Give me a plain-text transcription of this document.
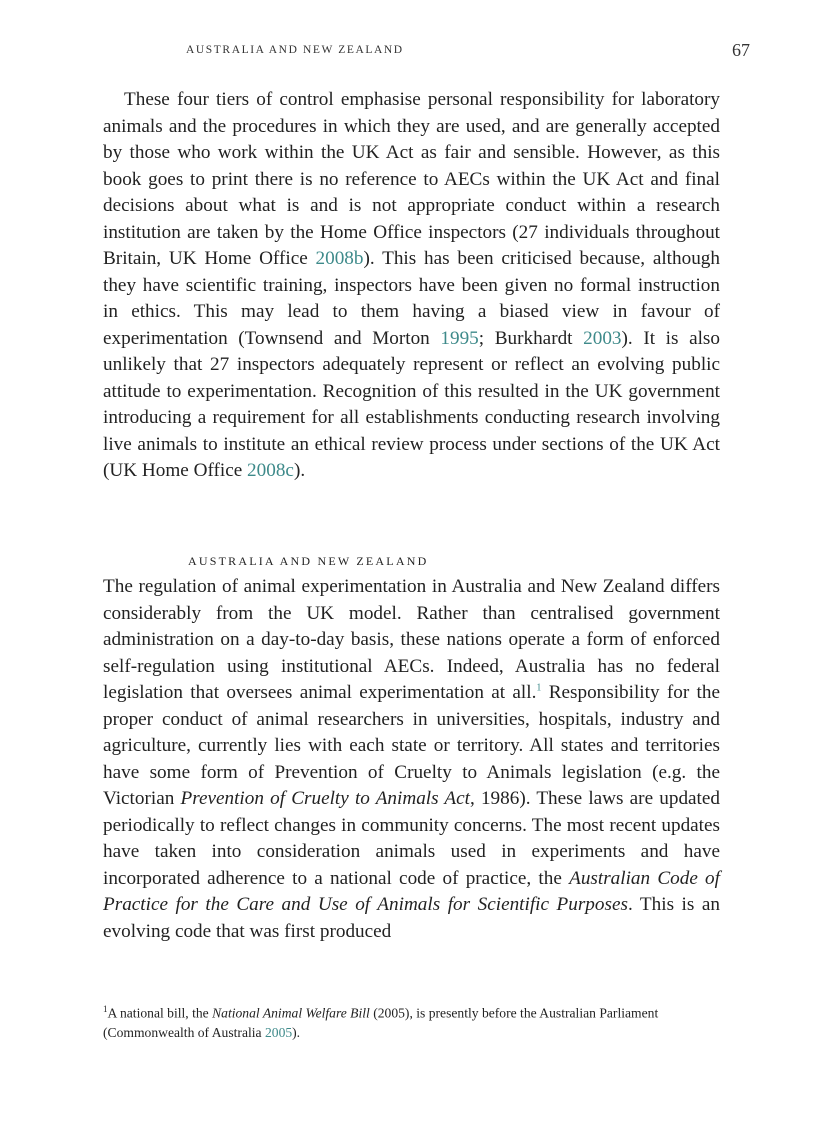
AUSTRALIA AND NEW ZEALAND	67

These four tiers of control emphasise personal responsibility for laboratory animals and the procedures in which they are used, and are generally accepted by those who work within the UK Act as fair and sensible. However, as this book goes to print there is no reference to AECs within the UK Act and final decisions about what is and is not appropriate conduct within a research institution are taken by the Home Office inspectors (27 individuals throughout Britain, UK Home Office 2008b). This has been criticised because, although they have scientific training, inspectors have been given no formal instruction in ethics. This may lead to them having a biased view in favour of experimentation (Townsend and Morton 1995; Burkhardt 2003). It is also unlikely that 27 inspectors adequately represent or reflect an evolving public attitude to experimentation. Recognition of this resulted in the UK government introducing a requirement for all establishments conducting research involving live animals to institute an ethical review process under sections of the UK Act (UK Home Office 2008c).

AUSTRALIA AND NEW ZEALAND

The regulation of animal experimentation in Australia and New Zealand differs considerably from the UK model. Rather than centralised government administration on a day-to-day basis, these nations operate a form of enforced self-regulation using institutional AECs. Indeed, Australia has no federal legislation that oversees animal experimentation at all.$^1$ Responsibility for the proper conduct of animal researchers in universities, hospitals, industry and agriculture, currently lies with each state or territory. All states and territories have some form of Prevention of Cruelty to Animals legislation (e.g. the Victorian Prevention of Cruelty to Animals Act, 1986). These laws are updated periodically to reflect changes in community concerns. The most recent updates have taken into consideration animals used in experiments and have incorporated adherence to a national code of practice, the Australian Code of Practice for the Care and Use of Animals for Scientific Purposes. This is an evolving code that was first produced

$^1$A national bill, the National Animal Welfare Bill (2005), is presently before the Australian Parliament (Commonwealth of Australia 2005).
